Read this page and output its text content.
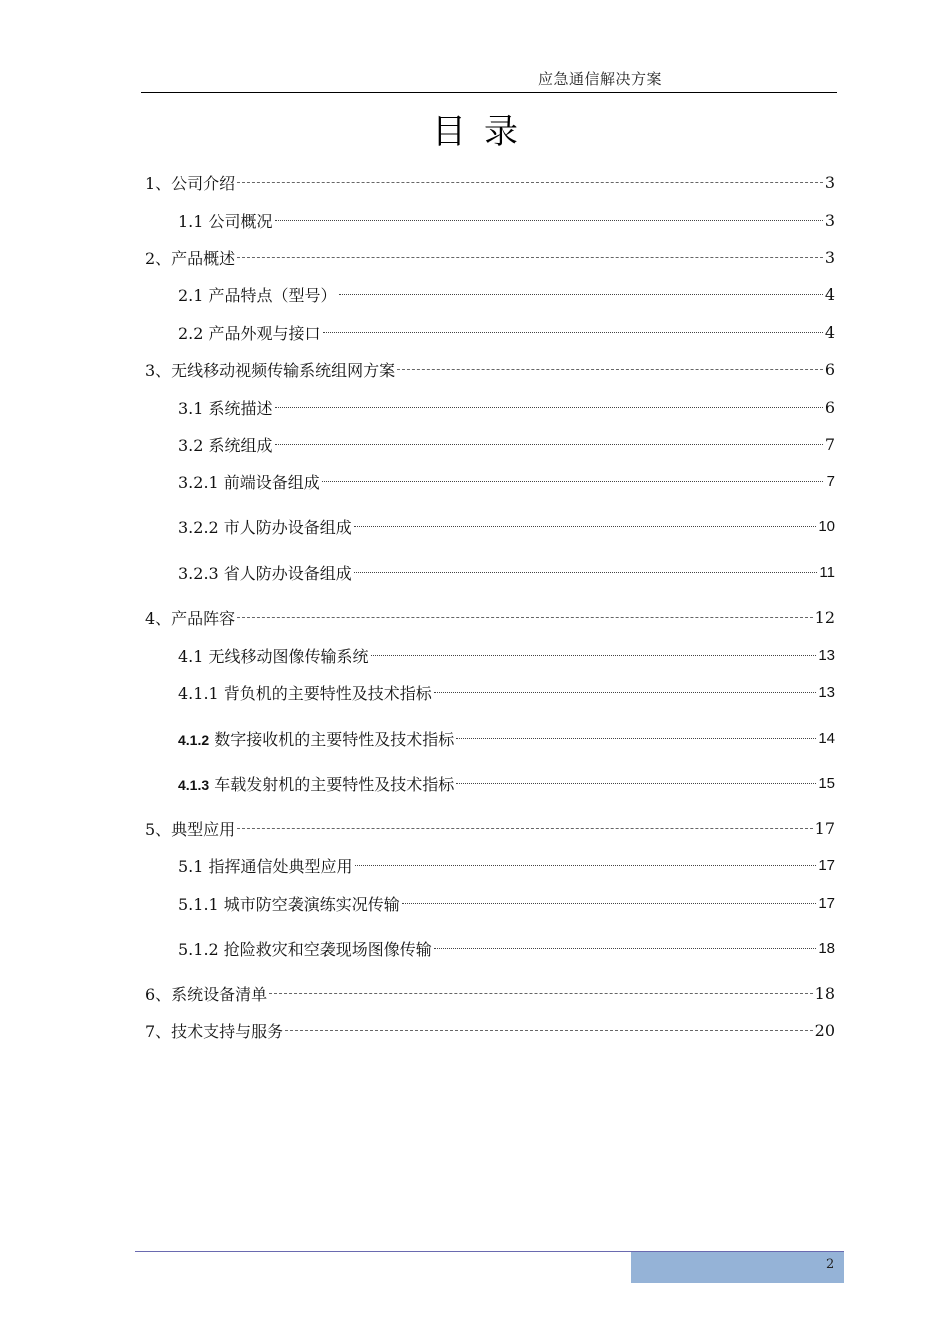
应急通信解决方案
目录
1、公司介绍	3
1.1 公司概况	3
2、产品概述	3
2.1 产品特点（型号）	4
2.2 产品外观与接口	4
3、无线移动视频传输系统组网方案	6
3.1 系统描述	6
3.2 系统组成	7
3.2.1 前端设备组成	7
3.2.2 市人防办设备组成	10
3.2.3 省人防办设备组成	11
4、产品阵容	12
4.1 无线移动图像传输系统	13
4.1.1 背负机的主要特性及技术指标	13
4.1.2 数字接收机的主要特性及技术指标	14
4.1.3 车载发射机的主要特性及技术指标	15
5、典型应用	17
5.1 指挥通信处典型应用	17
5.1.1 城市防空袭演练实况传输	17
5.1.2 抢险救灾和空袭现场图像传输	18
6、系统设备清单	18
7、技术支持与服务	20
2
